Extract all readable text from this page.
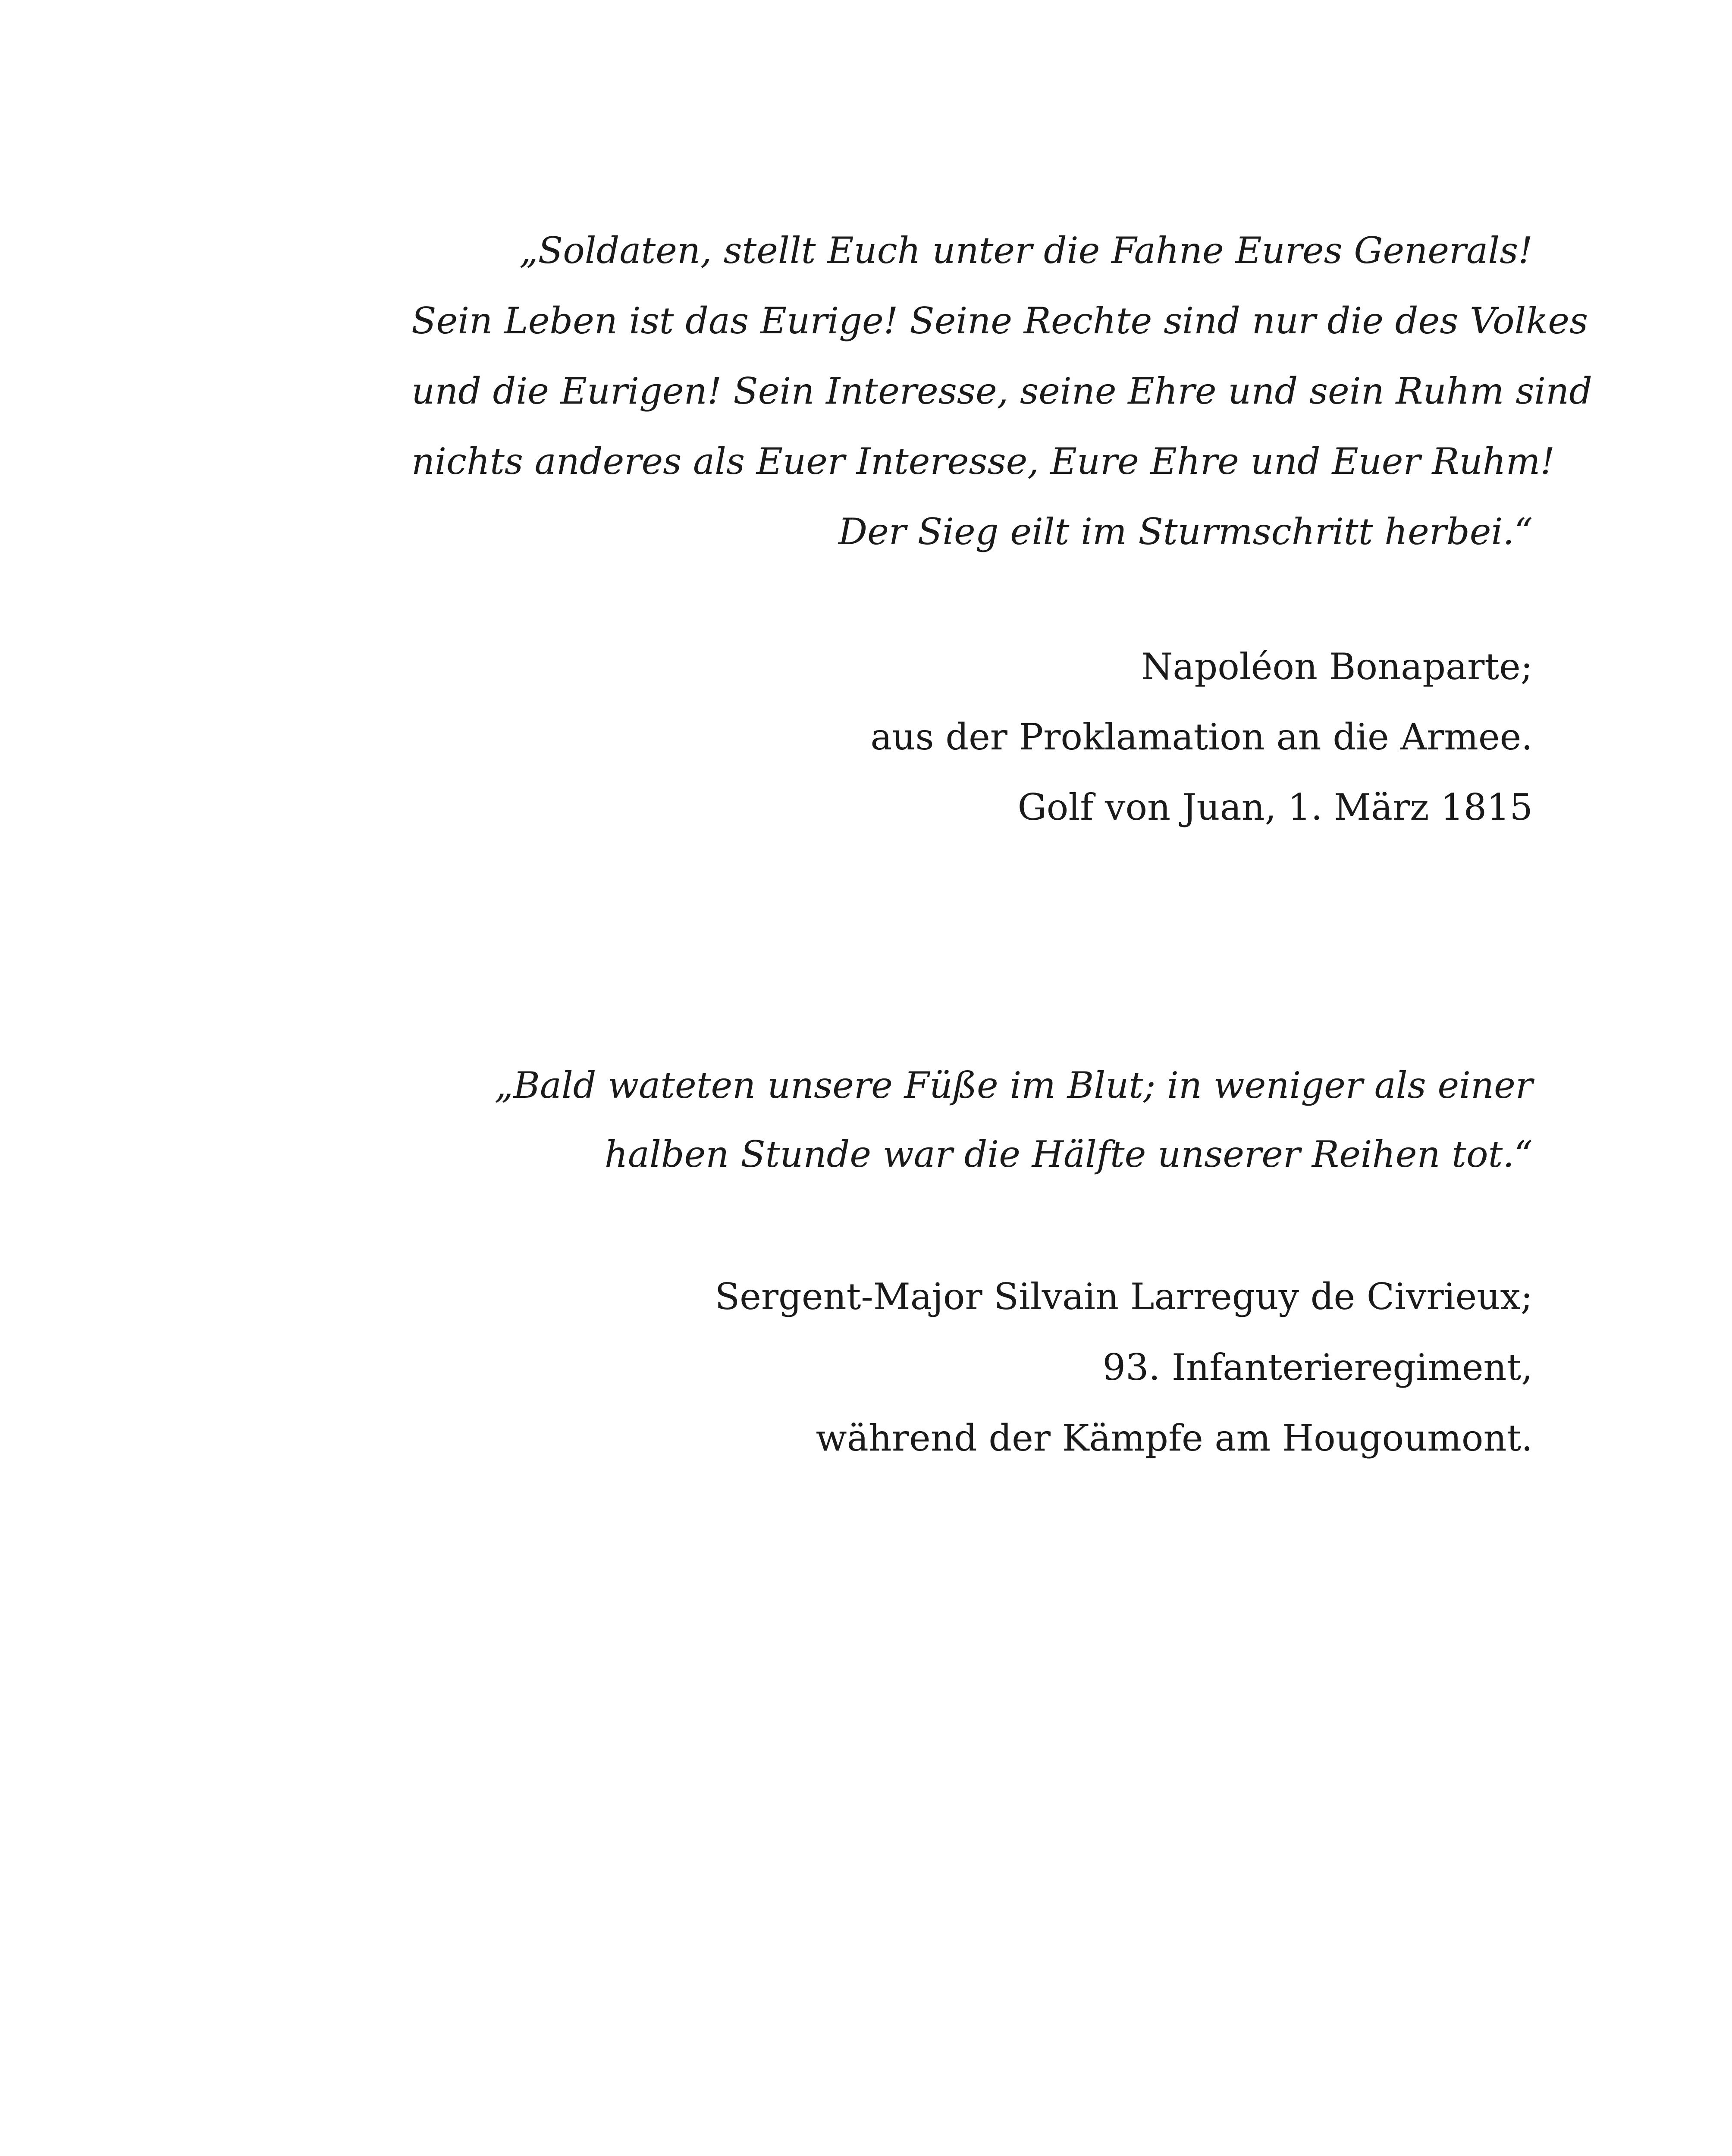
„Soldaten, stellt Euch unter die Fahne Eures Generals!
Sein Leben ist das Eurige! Seine Rechte sind nur die des Volkes
und die Eurigen! Sein Interesse, seine Ehre und sein Ruhm sind
nichts anderes als Euer Interesse, Eure Ehre und Euer Ruhm!
Der Sieg eilt im Sturmschritt herbei.“
Napoléon Bonaparte;
aus der Proklamation an die Armee.
Golf von Juan, 1. März 1815
„Bald wateten unsere Füße im Blut; in weniger als einer
halben Stunde war die Hälfte unserer Reihen tot.“
Sergent-Major Silvain Larreguy de Civrieux;
93. Infanterieregiment,
während der Kämpfe am Hougoumont.
